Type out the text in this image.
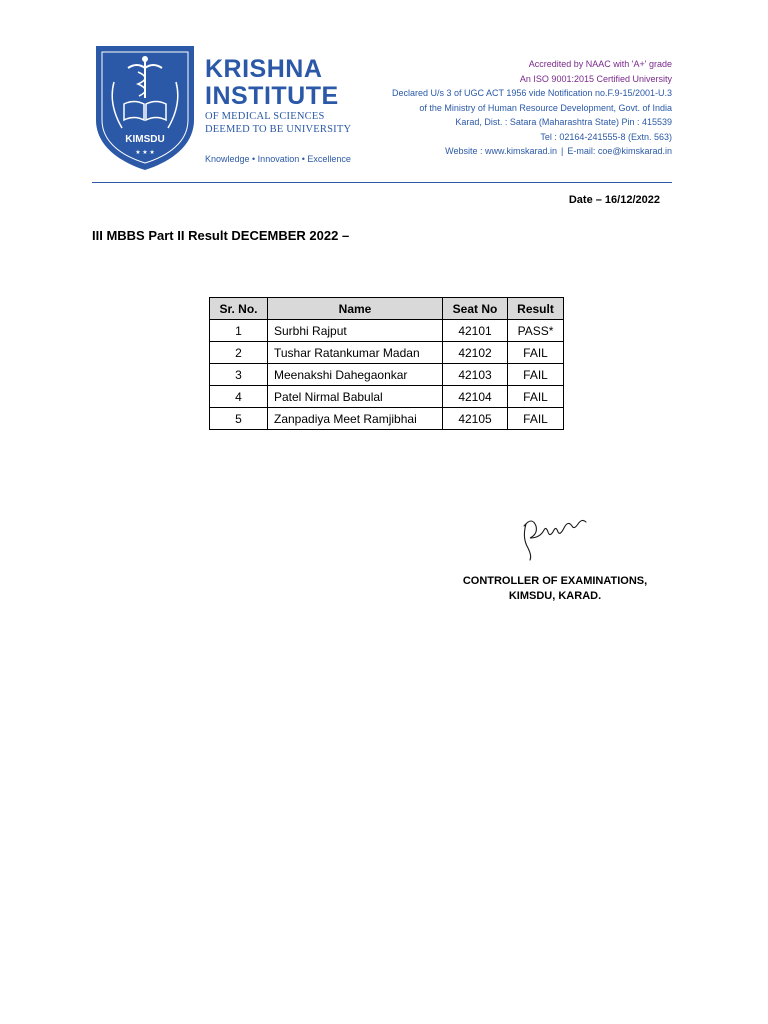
KIMSDU
★ ★ ★
KRISHNA
INSTITUTE
OF MEDICAL SCIENCES
DEEMED TO BE UNIVERSITY
Knowledge • Innovation • Excellence
Accredited by NAAC with 'A+' grade
An ISO 9001:2015 Certified University
Declared U/s 3 of UGC ACT 1956 vide Notification no.F.9-15/2001-U.3
of the Ministry of Human Resource Development, Govt. of India
Karad, Dist. : Satara (Maharashtra State) Pin : 415539
Tel : 02164-241555-8 (Extn. 563)
Website : www.kimskarad.in | E-mail: coe@kimskarad.in
Date – 16/12/2022
III MBBS Part II Result DECEMBER 2022 –
Sr. No.	Name	Seat No	Result
1	Surbhi Rajput	42101	PASS*
2	Tushar Ratankumar Madan	42102	FAIL
3	Meenakshi Dahegaonkar	42103	FAIL
4	Patel Nirmal Babulal	42104	FAIL
5	Zanpadiya Meet Ramjibhai	42105	FAIL
CONTROLLER OF EXAMINATIONS,
KIMSDU, KARAD.
